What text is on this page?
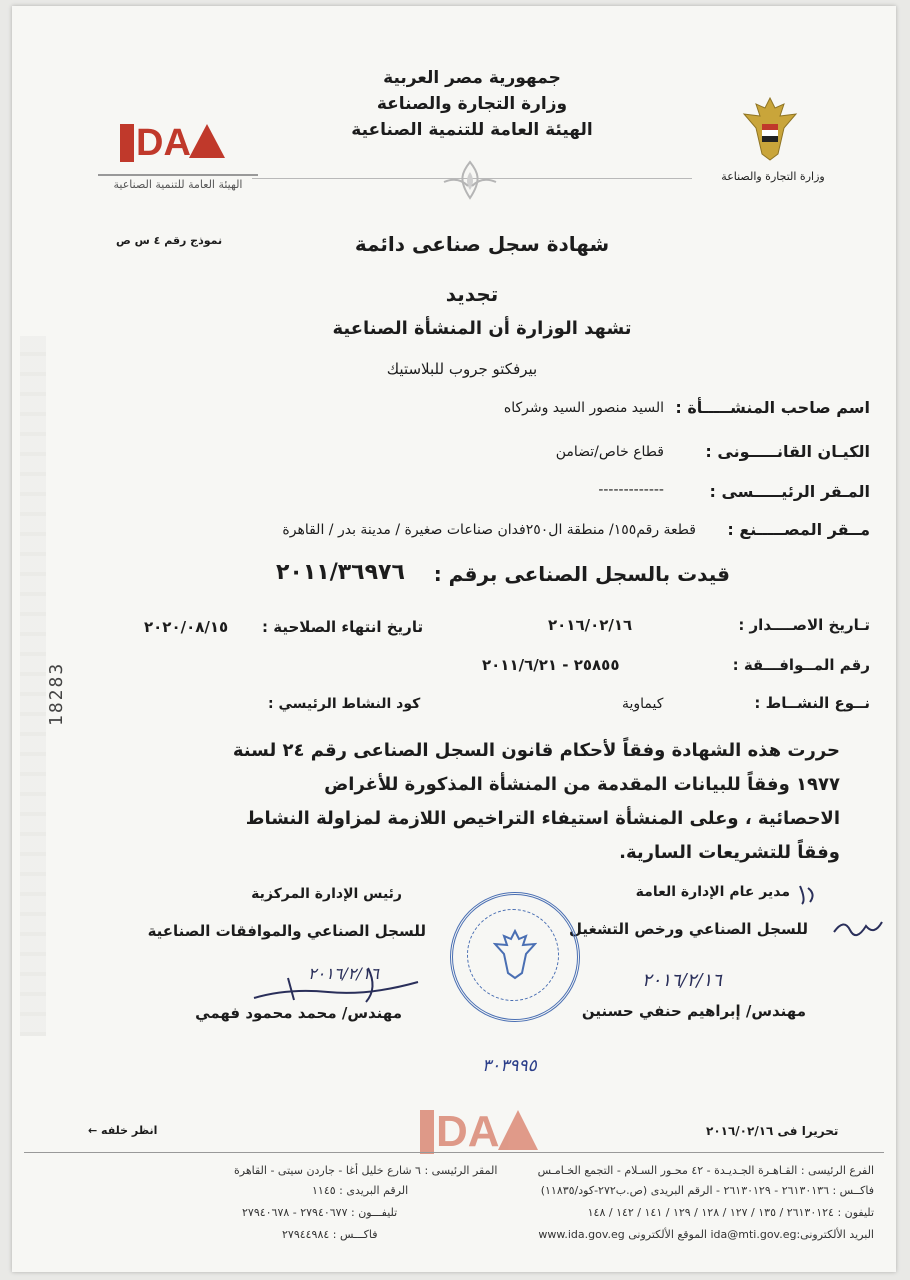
DA
الهيئة العامة للتنمية الصناعية
جمهورية مصر العربية
وزارة التجارة والصناعة
الهيئة العامة للتنمية الصناعية
وزارة التجارة والصناعة
نموذج رقم ٤ س ص	شهادة سجل صناعى دائمة
تجديد
تشهد الوزارة أن المنشأة الصناعية
بيرفكتو جروب للبلاستيك
اسم صاحب المنشـــــأة :
السيد منصور السيد وشركاه
الكيـان القانـــــونى :
قطاع خاص/تضامن
المـقر الرئيـــــسى :
-------------
مــقر المصـــــنع :
قطعة رقم١٥٥/ منطقة ال٢٥٠فدان صناعات صغيرة / مدينة بدر / القاهرة
قيدت بالسجل الصناعى برقم :
٢٠١١/٣٦٩٧٦
تـاريخ الاصــــدار :
٢٠١٦/٠٢/١٦
تاريخ انتهاء الصلاحية :
٢٠٢٠/٠٨/١٥
رقم المــوافـــقة :
٢٥٨٥٥ - ٢٠١١/٦/٢١
نــوع النشــاط :
كيماوية
كود النشاط الرئيسي :
18283
حررت هذه الشهادة وفقاً لأحكام قانون السجل الصناعى رقم ٢٤ لسنة
١٩٧٧ وفقاً للبيانات المقدمة من المنشأة المذكورة للأغراض
الاحصائية ، وعلى المنشأة استيفاء التراخيص اللازمة لمزاولة النشاط
وفقاً للتشريعات السارية.
مدير عام الإدارة العامة
للسجل الصناعي ورخص التشغيل
٢٠١٦/٢/١٦
مهندس/ إبراهيم حنفي حسنين
٣٠٣٩٩٥
رئيس الإدارة المركزية
للسجل الصناعي والموافقات الصناعية
٢٠١٦/٢/١٦
مهندس/ محمد محمود فهمي
DA	تحريرا فى ٢٠١٦/٠٢/١٦
انظر خلفه ←
الفرع الرئيسى : القـاهـرة الجـديـدة - ٤٢ محـور السـلام - التجمع الخـامـس
فاكــس : ٢٦١٣٠١٣٦ - ٢٦١٣٠١٢٩ - الرقم البريدى (ص.ب٢٧٢-كود/١١٨٣٥)
تليفون : ٢٦١٣٠١٢٤ / ١٣٥ / ١٢٧ / ١٢٨ / ١٢٩ / ١٤١ / ١٤٢ / ١٤٨
البريد الألكترونى:ida@mti.gov.eg الموقع الألكترونى www.ida.gov.eg
المقر الرئيسى : ٦ شارع خليل أغا - جاردن سيتى - القاهرة
الرقم البريدى : ١١٤٥
تليفـــون : ٢٧٩٤٠٦٧٧ - ٢٧٩٤٠٦٧٨
فاكـــس : ٢٧٩٤٤٩٨٤
